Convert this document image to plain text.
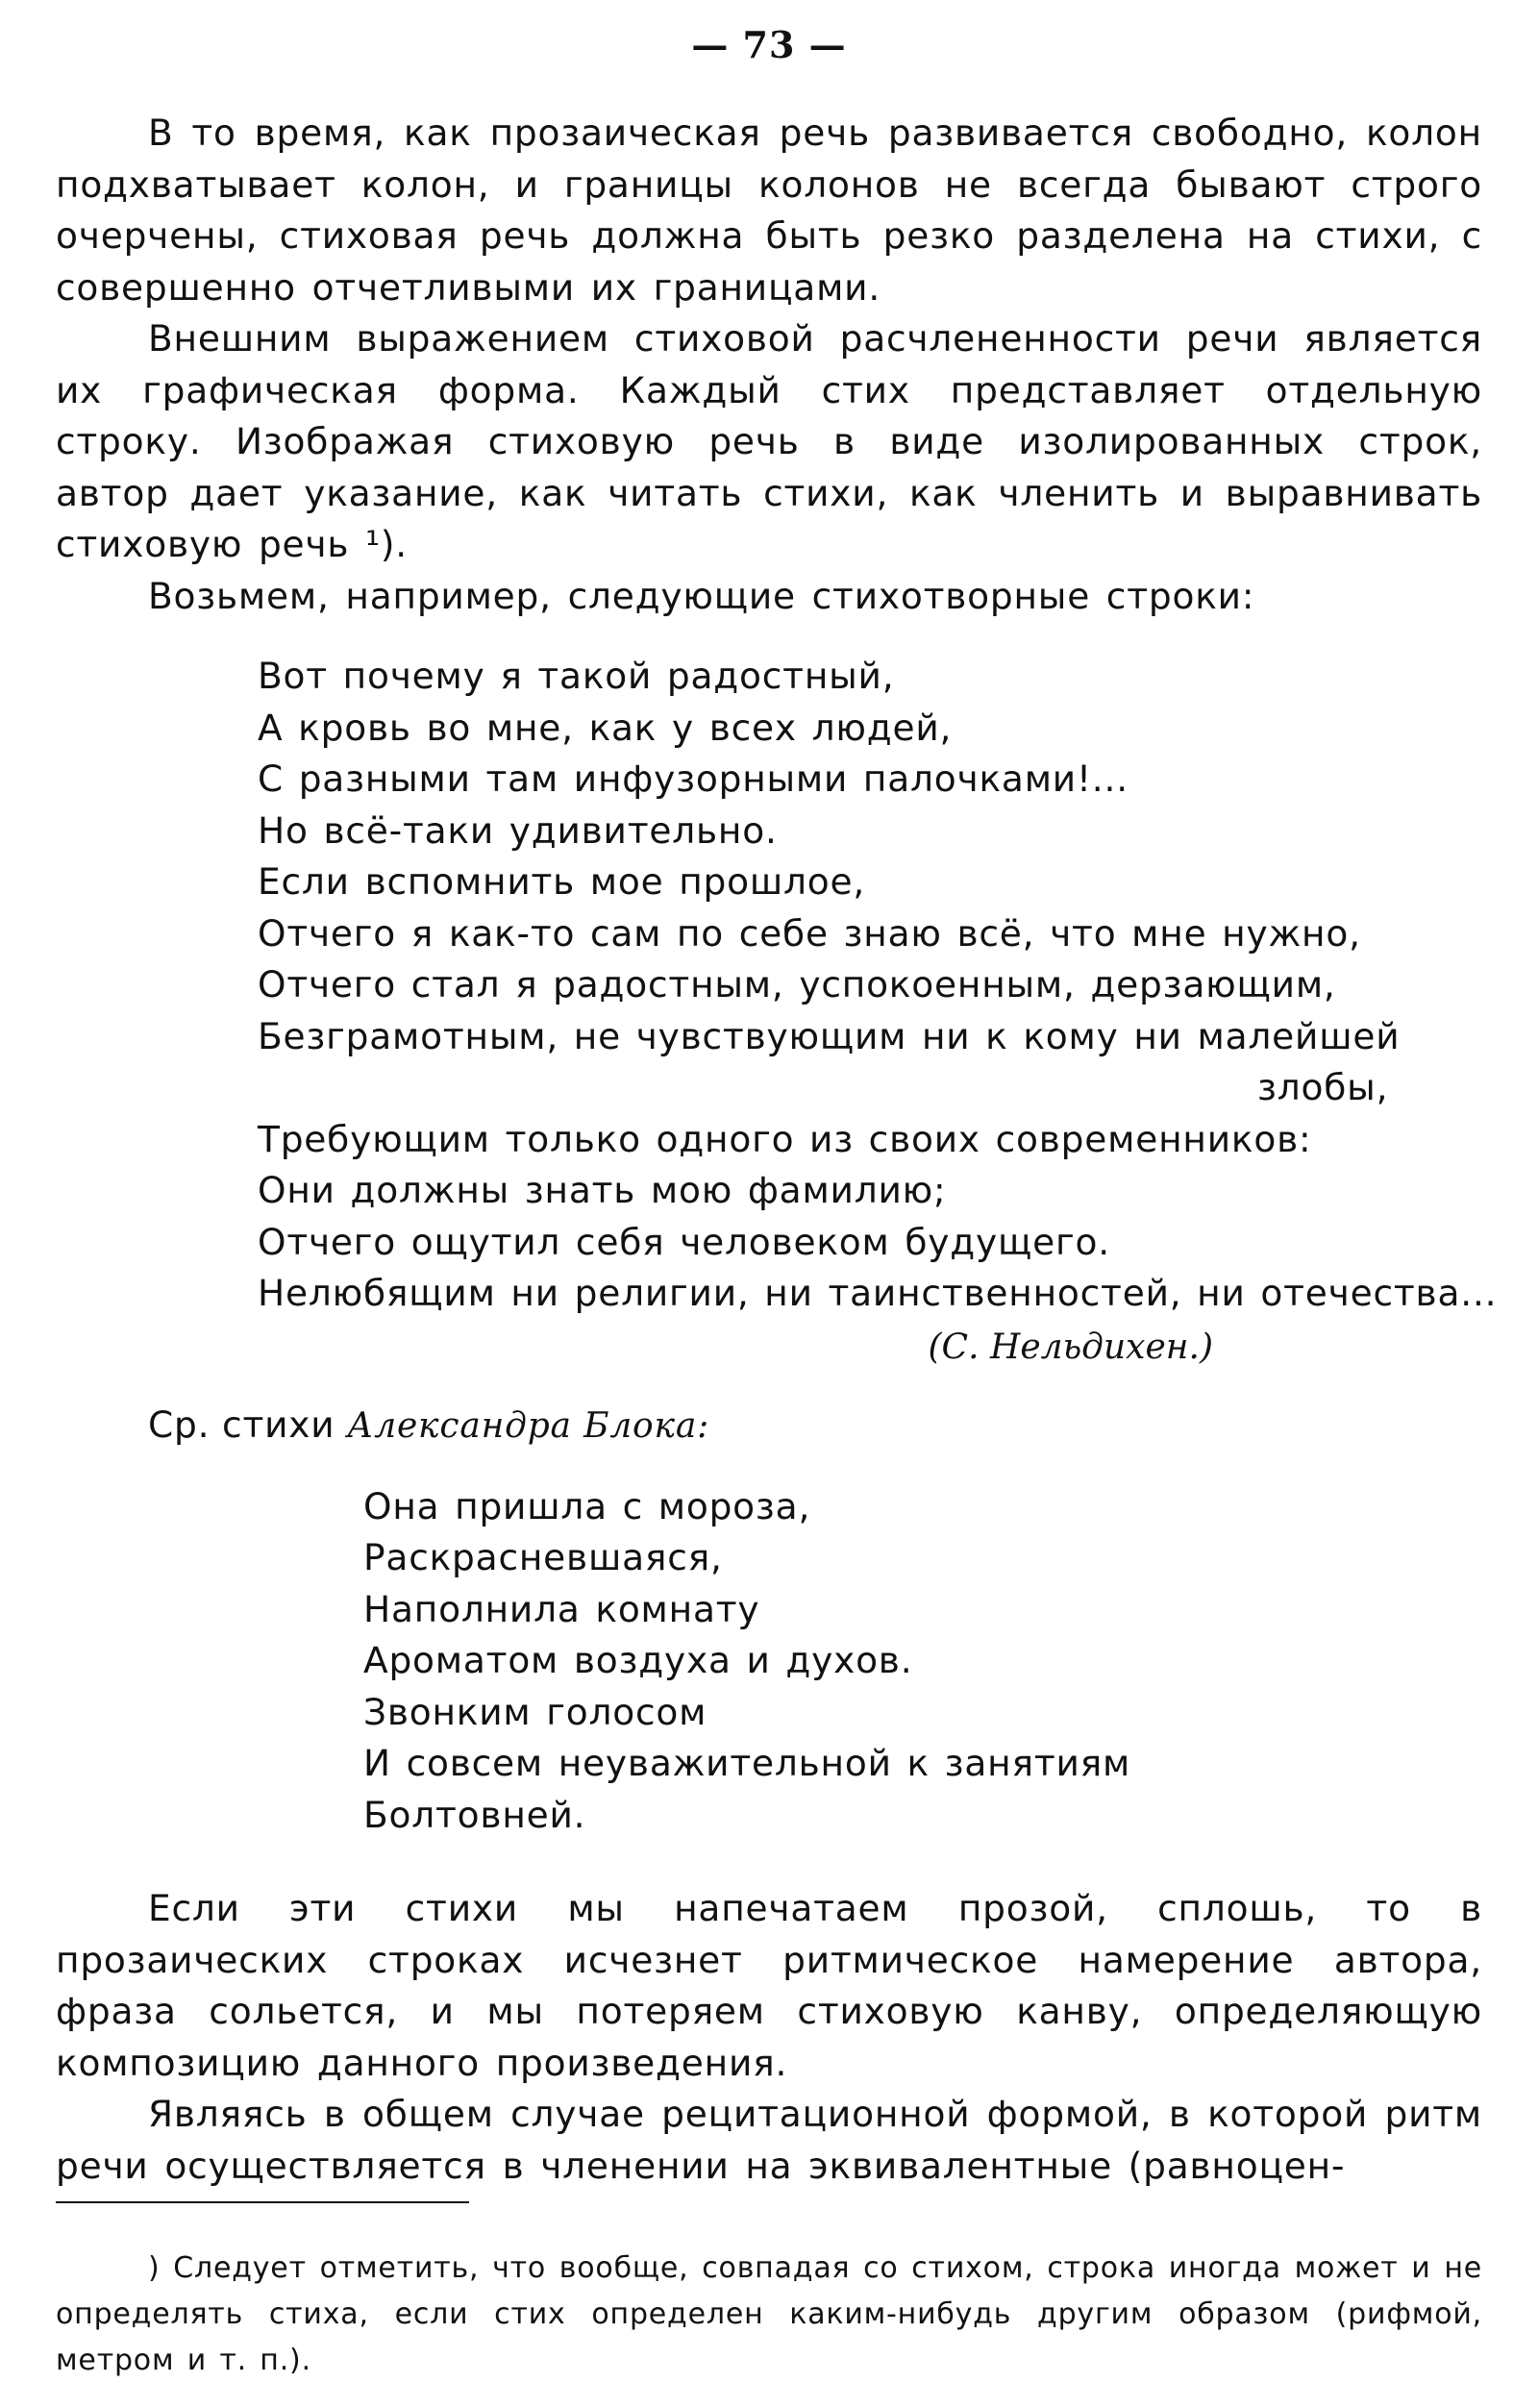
— 73 —

В то время, как прозаическая речь развивается свободно, колон подхватывает колон, и границы колонов не всегда бывают строго очерчены, стиховая речь должна быть резко разделена на стихи, с совершенно отчетливыми их границами.

Внешним выражением стиховой расчлененности речи является их графическая форма. Каждый стих представляет отдельную строку. Изображая стиховую речь в виде изолированных строк, автор дает указание, как читать стихи, как членить и выравнивать стиховую речь ¹).

Возьмем, например, следующие стихотворные строки:

Вот почему я такой радостный,
А кровь во мне, как у всех людей,
С разными там инфузорными палочками!...
Но всё-таки удивительно.
Если вспомнить мое прошлое,
Отчего я как-то сам по себе знаю всё, что мне нужно,
Отчего стал я радостным, успокоенным, дерзающим,
Безграмотным, не чувствующим ни к кому ни малейшей
злобы,
Требующим только одного из своих современников:
Они должны знать мою фамилию;
Отчего ощутил себя человеком будущего.
Нелюбящим ни религии, ни таинственностей, ни отечества...
(С. Нельдихен.)
Ср. стихи Александра Блока:
Она пришла с мороза,
Раскрасневшаяся,
Наполнила комнату
Ароматом воздуха и духов.
Звонким голосом
И совсем неуважительной к занятиям
Болтовней.

Если эти стихи мы напечатаем прозой, сплошь, то в прозаических строках исчезнет ритмическое намерение автора, фраза сольется, и мы потеряем стиховую канву, определяющую композицию данного произведения.

Являясь в общем случае рецитационной формой, в которой ритм речи осуществляется в членении на эквивалентные (равноцен-

) Следует отметить, что вообще, совпадая со стихом, строка иногда может и не определять стиха, если стих определен каким-нибудь другим образом (рифмой, метром и т. п.).
